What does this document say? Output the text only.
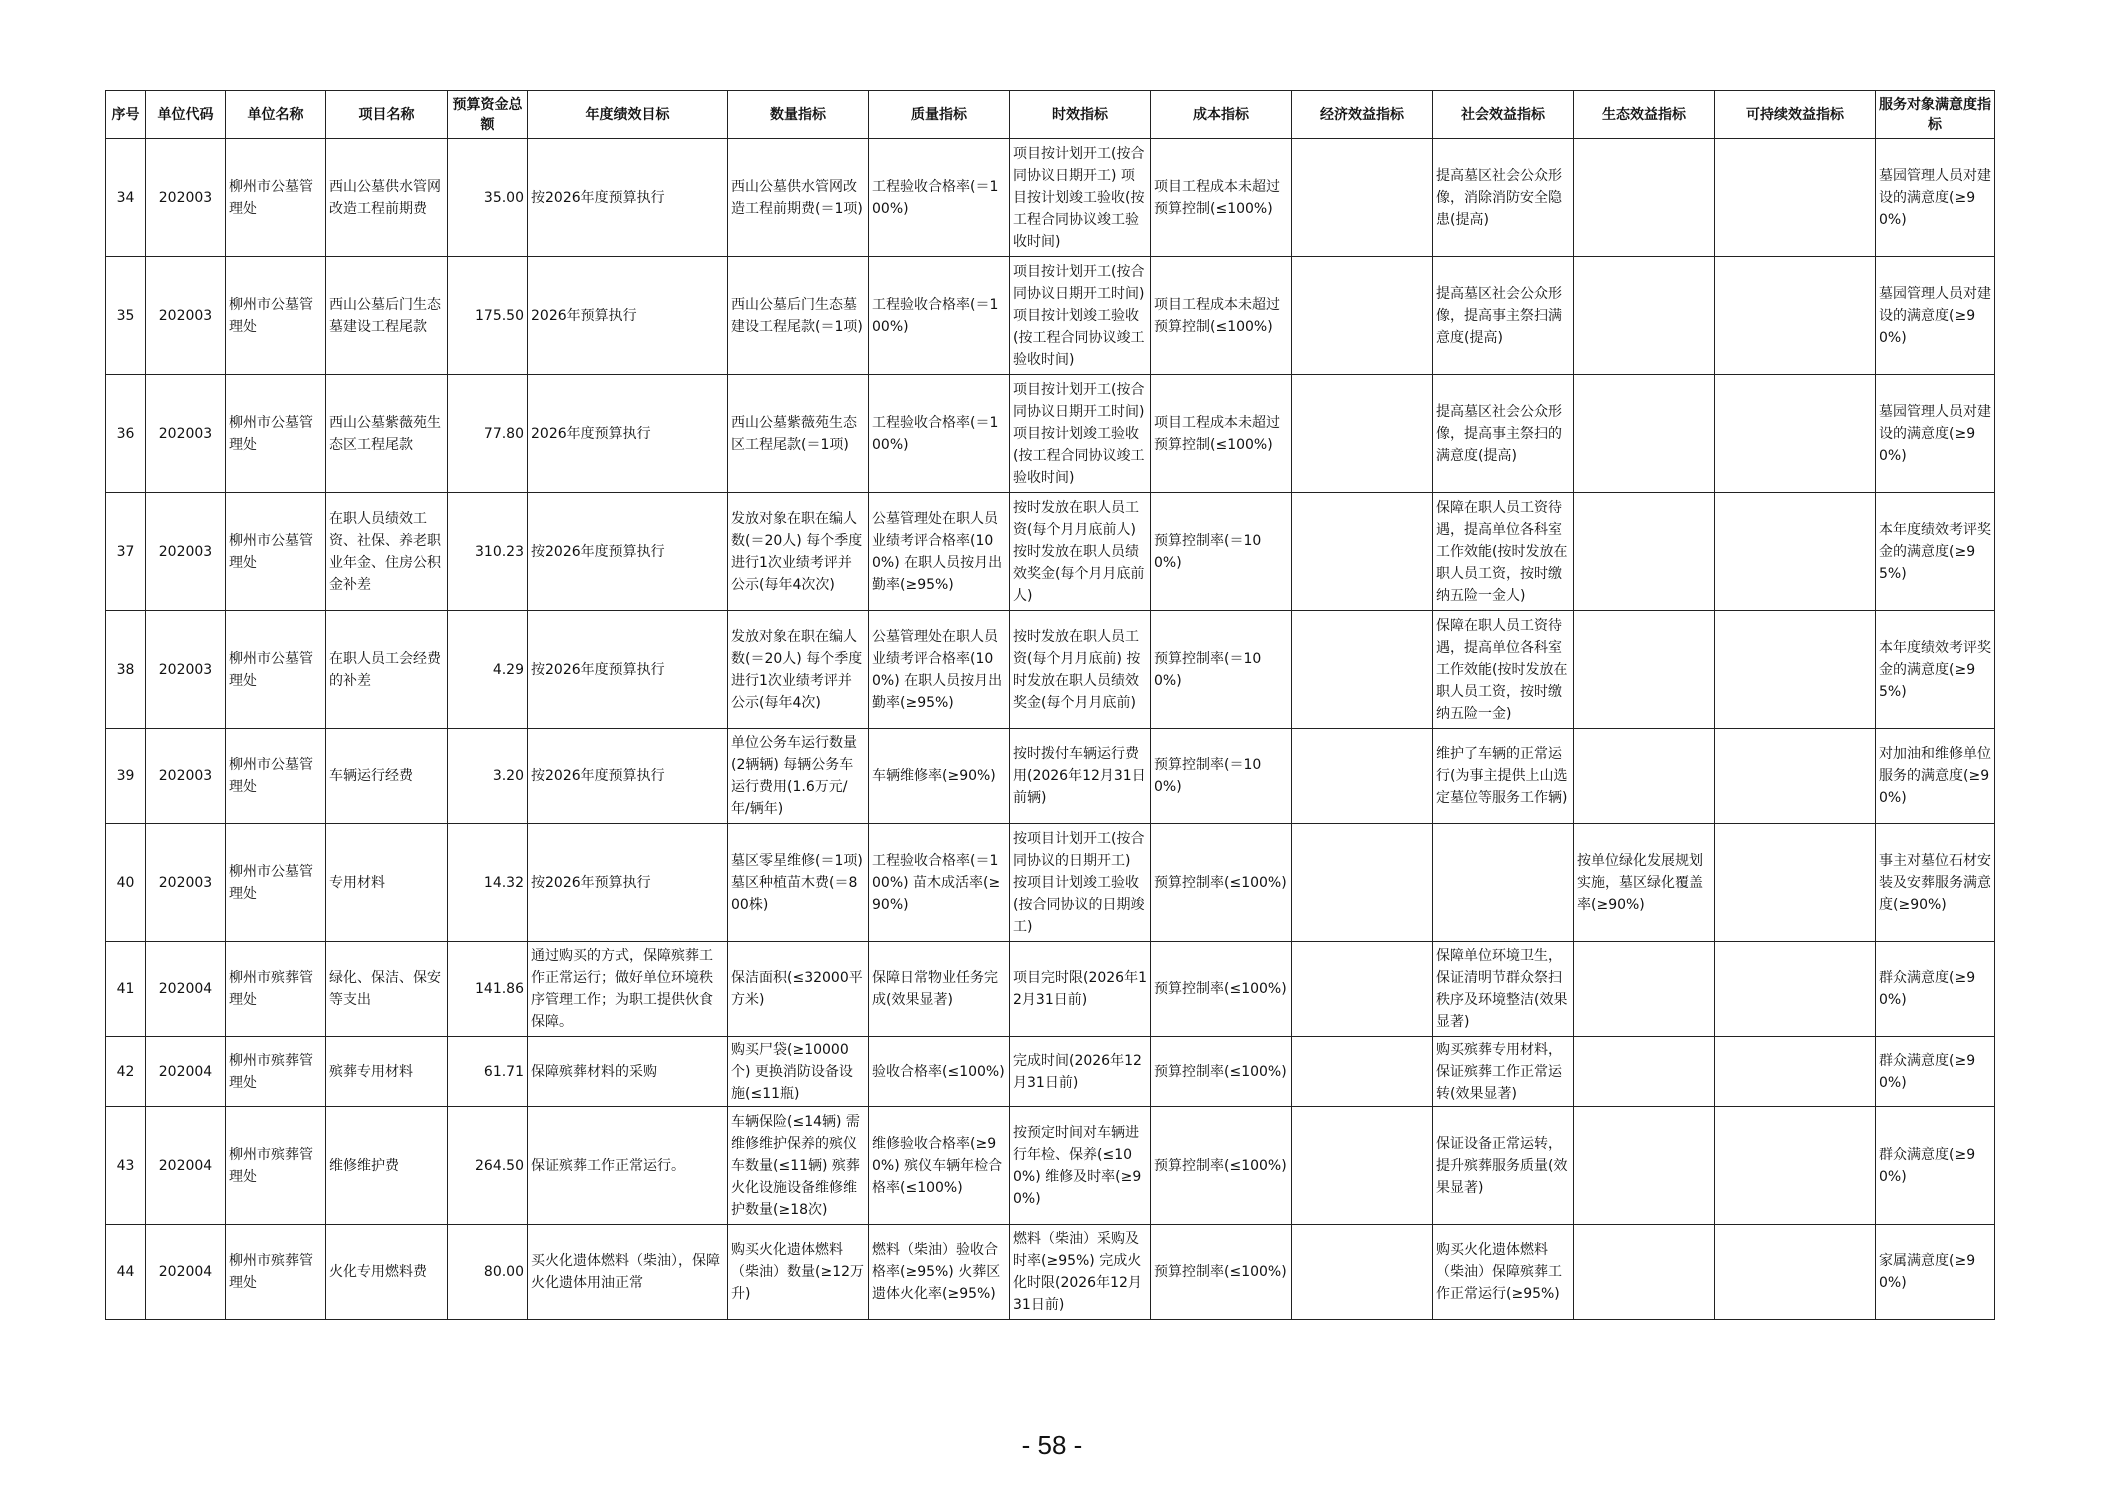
序号	单位代码	单位名称	项目名称	预算资金总额	年度绩效目标	数量指标	质量指标	时效指标	成本指标	经济效益指标	社会效益指标	生态效益指标	可持续效益指标	服务对象满意度指标
34	202003	柳州市公墓管理处	西山公墓供水管网改造工程前期费	35.00	按2026年度预算执行	西山公墓供水管网改造工程前期费(＝1项)	工程验收合格率(＝100%)	项目按计划开工(按合同协议日期开工) 项目按计划竣工验收(按工程合同协议竣工验收时间)	项目工程成本未超过预算控制(≤100%)		提高墓区社会公众形像，消除消防安全隐患(提高)			墓园管理人员对建设的满意度(≥90%)
35	202003	柳州市公墓管理处	西山公墓后门生态墓建设工程尾款	175.50	2026年预算执行	西山公墓后门生态墓建设工程尾款(＝1项)	工程验收合格率(＝100%)	项目按计划开工(按合同协议日期开工时间) 项目按计划竣工验收(按工程合同协议竣工验收时间)	项目工程成本未超过预算控制(≤100%)		提高墓区社会公众形像，提高事主祭扫满意度(提高)			墓园管理人员对建设的满意度(≥90%)
36	202003	柳州市公墓管理处	西山公墓紫薇苑生态区工程尾款	77.80	2026年度预算执行	西山公墓紫薇苑生态区工程尾款(＝1项)	工程验收合格率(＝100%)	项目按计划开工(按合同协议日期开工时间) 项目按计划竣工验收(按工程合同协议竣工验收时间)	项目工程成本未超过预算控制(≤100%)		提高墓区社会公众形像，提高事主祭扫的满意度(提高)			墓园管理人员对建设的满意度(≥90%)
37	202003	柳州市公墓管理处	在职人员绩效工资、社保、养老职业年金、住房公积金补差	310.23	按2026年度预算执行	发放对象在职在编人数(＝20人) 每个季度进行1次业绩考评并公示(每年4次次)	公墓管理处在职人员业绩考评合格率(100%) 在职人员按月出勤率(≥95%)	按时发放在职人员工资(每个月月底前人) 按时发放在职人员绩效奖金(每个月月底前人)	预算控制率(＝100%)		保障在职人员工资待遇，提高单位各科室工作效能(按时发放在职人员工资，按时缴纳五险一金人)			本年度绩效考评奖金的满意度(≥95%)
38	202003	柳州市公墓管理处	在职人员工会经费的补差	4.29	按2026年度预算执行	发放对象在职在编人数(＝20人) 每个季度进行1次业绩考评并公示(每年4次)	公墓管理处在职人员业绩考评合格率(100%) 在职人员按月出勤率(≥95%)	按时发放在职人员工资(每个月月底前) 按时发放在职人员绩效奖金(每个月月底前)	预算控制率(＝100%)		保障在职人员工资待遇，提高单位各科室工作效能(按时发放在职人员工资，按时缴纳五险一金)			本年度绩效考评奖金的满意度(≥95%)
39	202003	柳州市公墓管理处	车辆运行经费	3.20	按2026年度预算执行	单位公务车运行数量(2辆辆) 每辆公务车运行费用(1.6万元/年/辆年)	车辆维修率(≥90%)	按时拨付车辆运行费用(2026年12月31日前辆)	预算控制率(＝100%)		维护了车辆的正常运行(为事主提供上山选定墓位等服务工作辆)			对加油和维修单位服务的满意度(≥90%)
40	202003	柳州市公墓管理处	专用材料	14.32	按2026年预算执行	墓区零星维修(＝1项) 墓区种植苗木费(＝800株)	工程验收合格率(＝100%) 苗木成活率(≥90%)	按项目计划开工(按合同协议的日期开工) 按项目计划竣工验收(按合同协议的日期竣工)	预算控制率(≤100%)			按单位绿化发展规划实施，墓区绿化覆盖率(≥90%)		事主对墓位石材安装及安葬服务满意度(≥90%)
41	202004	柳州市殡葬管理处	绿化、保洁、保安等支出	141.86	通过购买的方式，保障殡葬工作正常运行；做好单位环境秩序管理工作；为职工提供伙食保障。	保洁面积(≤32000平方米)	保障日常物业任务完成(效果显著)	项目完时限(2026年12月31日前)	预算控制率(≤100%)		保障单位环境卫生，保证清明节群众祭扫秩序及环境整洁(效果显著)			群众满意度(≥90%)
42	202004	柳州市殡葬管理处	殡葬专用材料	61.71	保障殡葬材料的采购	购买尸袋(≥10000个) 更换消防设备设施(≤11瓶)	验收合格率(≤100%)	完成时间(2026年12月31日前)	预算控制率(≤100%)		购买殡葬专用材料，保证殡葬工作正常运转(效果显著)			群众满意度(≥90%)
43	202004	柳州市殡葬管理处	维修维护费	264.50	保证殡葬工作正常运行。	车辆保险(≤14辆) 需维修维护保养的殡仪车数量(≤11辆) 殡葬火化设施设备维修维护数量(≥18次)	维修验收合格率(≥90%) 殡仪车辆年检合格率(≤100%)	按预定时间对车辆进行年检、保养(≤100%) 维修及时率(≥90%)	预算控制率(≤100%)		保证设备正常运转，提升殡葬服务质量(效果显著)			群众满意度(≥90%)
44	202004	柳州市殡葬管理处	火化专用燃料费	80.00	买火化遗体燃料（柴油），保障火化遗体用油正常	购买火化遗体燃料（柴油）数量(≥12万升)	燃料（柴油）验收合格率(≥95%) 火葬区遗体火化率(≥95%)	燃料（柴油）采购及时率(≥95%) 完成火化时限(2026年12月31日前)	预算控制率(≤100%)		购买火化遗体燃料（柴油）保障殡葬工作正常运行(≥95%)			家属满意度(≥90%)
- 58 -
